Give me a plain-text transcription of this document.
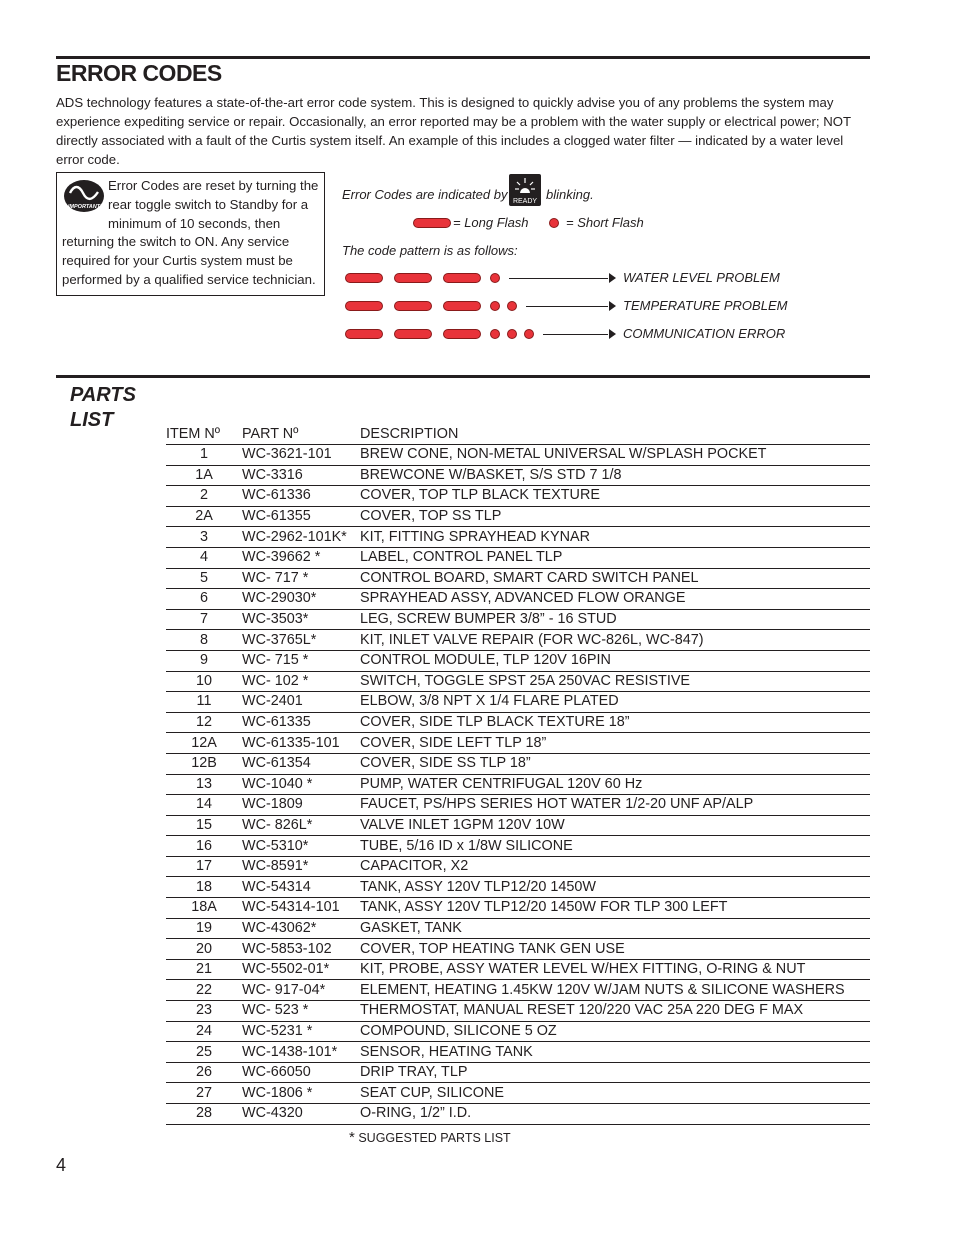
ERROR CODES
ADS technology features a state-of-the-art error code system. This is designed to quickly advise you of any problems the system may experience expediting service or repair. Occasionally, an error reported may be a problem with the water supply or electrical power; NOT directly associated with a fault of the Curtis system itself. An example of this includes a clogged water filter — indicated by a water level error code.
IMPORTANT
Error Codes are reset by turning the rear toggle switch to Standby for a minimum of 10 seconds, then returning the switch to ON. Any service required for your Curtis system must be performed by a qualified service technician.
Error Codes are indicated by READY blinking.
= Long Flash	= Short Flash
The code pattern is as follows:
WATER LEVEL PROBLEM
TEMPERATURE PROBLEM
COMMUNICATION ERROR
PARTS
LIST
ITEM Nº	PART Nº	DESCRIPTION
1	WC-3621-101	BREW CONE, NON-METAL UNIVERSAL W/SPLASH POCKET
1A	WC-3316	BREWCONE W/BASKET, S/S STD 7 1/8
2	WC-61336	COVER, TOP TLP BLACK TEXTURE
2A	WC-61355	COVER, TOP SS TLP
3	WC-2962-101K*	KIT, FITTING SPRAYHEAD KYNAR
4	WC-39662 *	LABEL, CONTROL PANEL TLP
5	WC- 717 *	CONTROL BOARD, SMART CARD SWITCH PANEL
6	WC-29030*	SPRAYHEAD ASSY, ADVANCED FLOW ORANGE
7	WC-3503*	LEG, SCREW BUMPER 3/8” - 16 STUD
8	WC-3765L*	KIT, INLET VALVE REPAIR (FOR WC-826L, WC-847)
9	WC- 715 *	CONTROL MODULE, TLP 120V 16PIN
10	WC- 102 *	SWITCH, TOGGLE SPST 25A 250VAC RESISTIVE
11	WC-2401	ELBOW, 3/8 NPT X 1/4 FLARE PLATED
12	WC-61335	COVER, SIDE TLP BLACK TEXTURE 18”
12A	WC-61335-101	COVER, SIDE LEFT TLP 18”
12B	WC-61354	COVER, SIDE SS TLP 18”
13	WC-1040 *	PUMP, WATER CENTRIFUGAL 120V 60 Hz
14	WC-1809	FAUCET, PS/HPS SERIES HOT WATER 1/2-20 UNF AP/ALP
15	WC- 826L*	VALVE INLET 1GPM 120V 10W
16	WC-5310*	TUBE, 5/16 ID x 1/8W SILICONE
17	WC-8591*	CAPACITOR, X2
18	WC-54314	TANK, ASSY 120V TLP12/20 1450W
18A	WC-54314-101	TANK, ASSY 120V TLP12/20 1450W FOR TLP 300 LEFT
19	WC-43062*	GASKET, TANK
20	WC-5853-102	COVER, TOP HEATING TANK GEN USE
21	WC-5502-01*	KIT, PROBE, ASSY WATER LEVEL W/HEX FITTING, O-RING & NUT
22	WC- 917-04*	ELEMENT, HEATING 1.45KW 120V W/JAM NUTS & SILICONE WASHERS
23	WC- 523 *	THERMOSTAT, MANUAL RESET 120/220 VAC 25A 220 DEG F MAX
24	WC-5231 *	COMPOUND, SILICONE 5 OZ
25	WC-1438-101*	SENSOR, HEATING TANK
26	WC-66050	DRIP TRAY, TLP
27	WC-1806 *	SEAT CUP, SILICONE
28	WC-4320	O-RING, 1/2” I.D.
* SUGGESTED PARTS LIST
4
